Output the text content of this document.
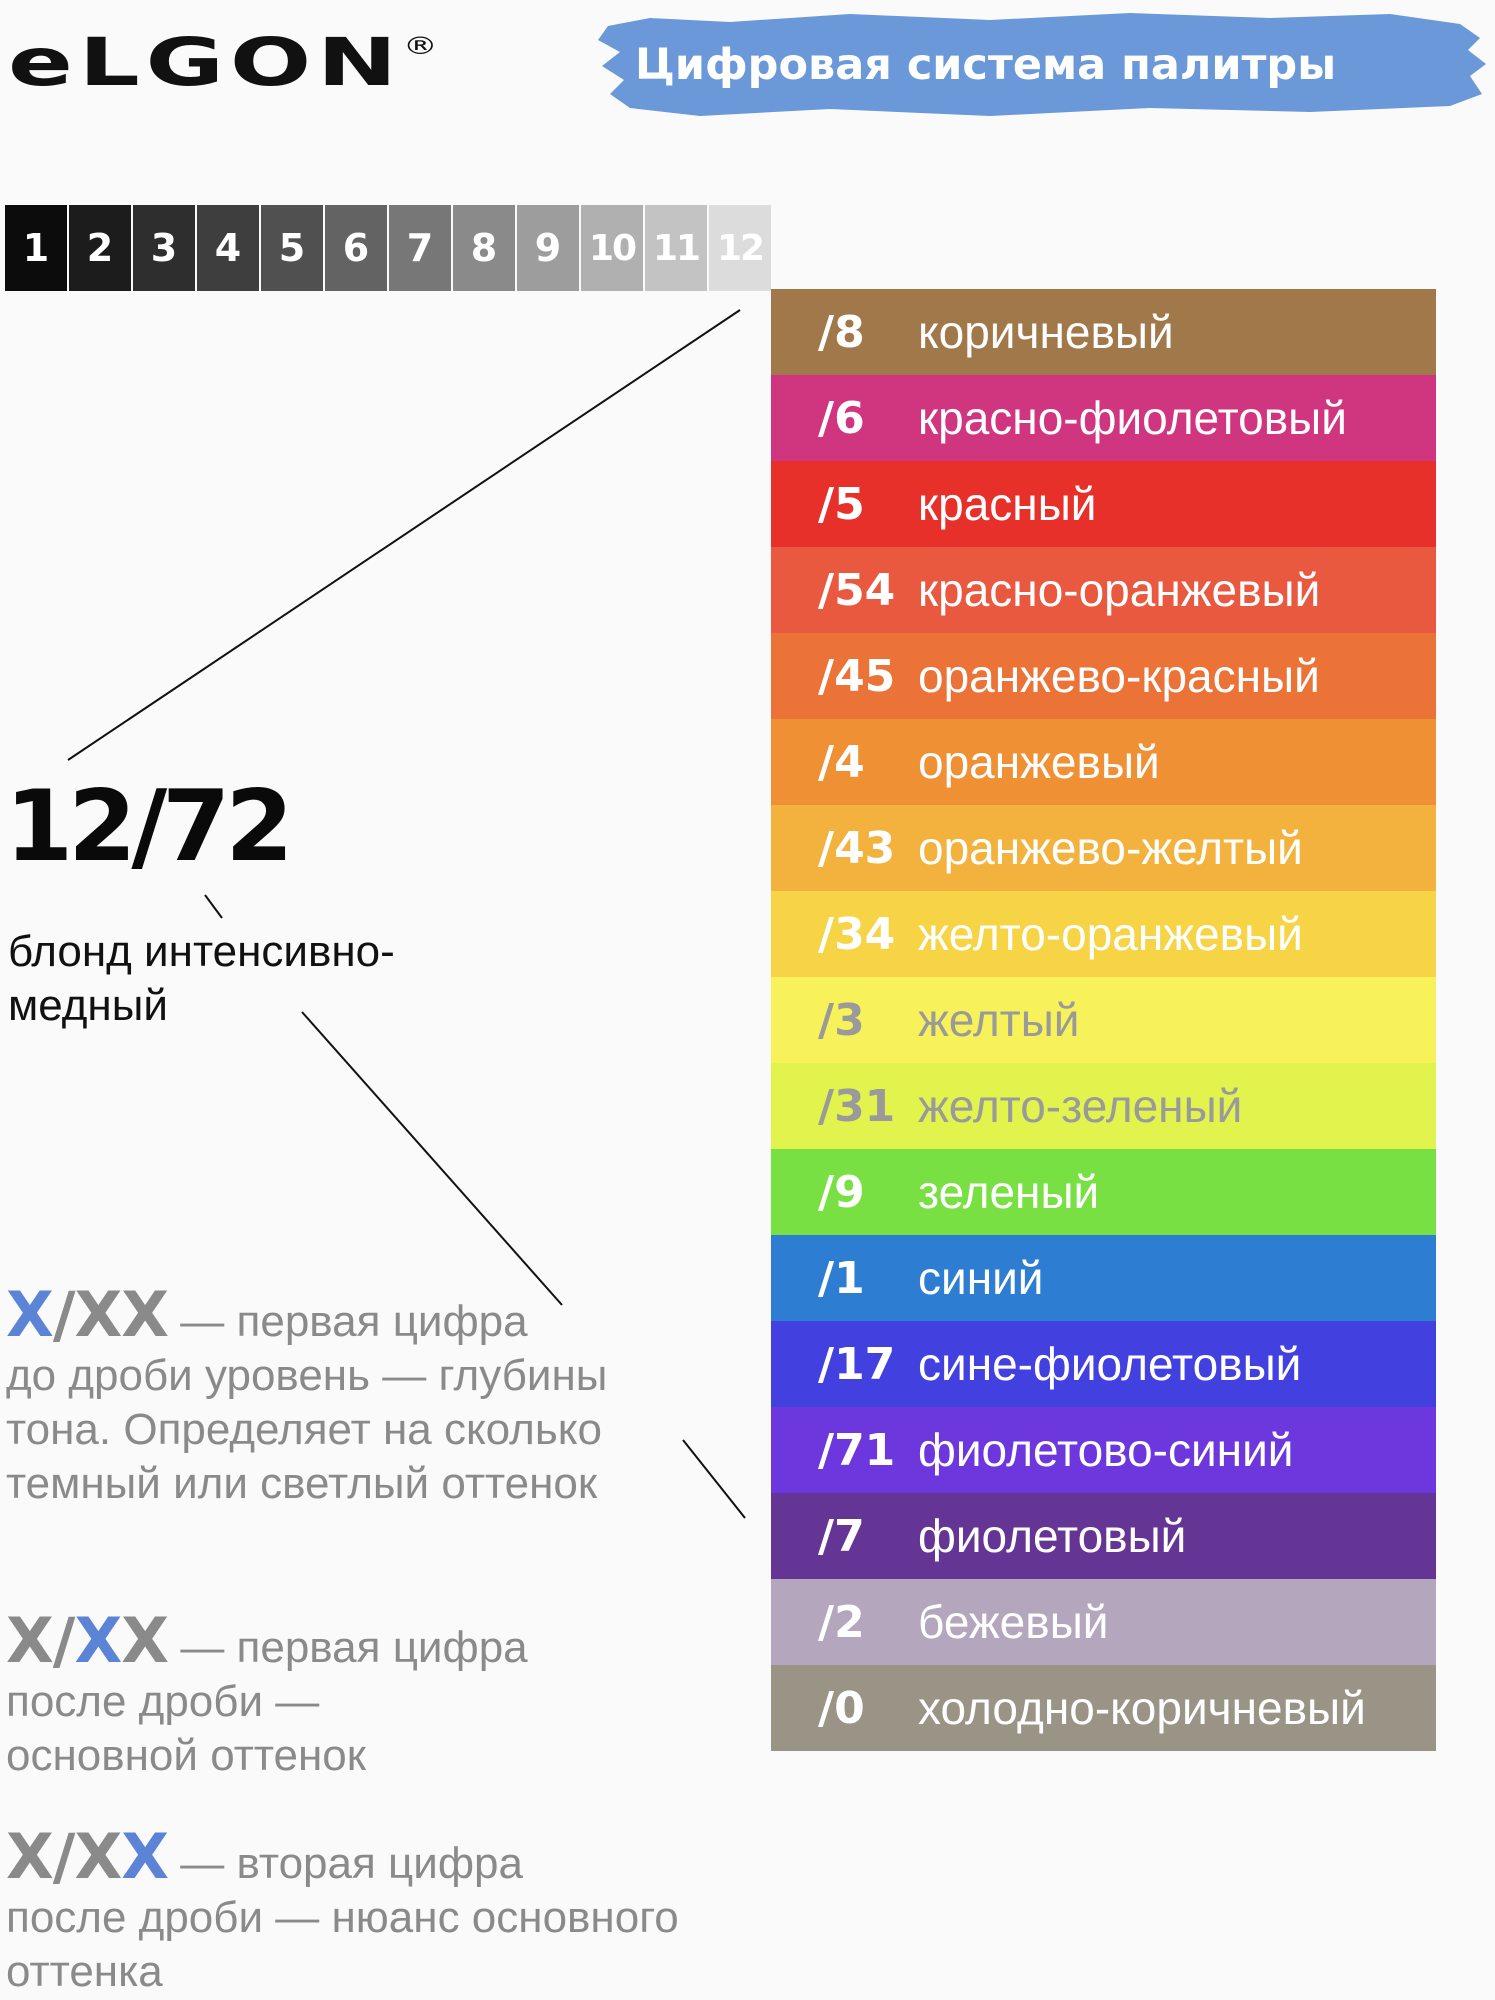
eLGON®	Цифровая система палитры
1 2 3 4 5 6 7 8 9 10 11 12
12/72
блонд интенсивно-медный
X/XX — первая цифра
до дроби уровень — глубины тона. Определяет на сколько темный или светлый оттенок
X/XX — первая цифра
после дроби — основной оттенок
X/XX — вторая цифра
после дроби — нюанс основного оттенка
/8	коричневый
/6	красно-фиолетовый
/5	красный
/54 красно-оранжевый
/45 оранжево-красный
/4	оранжевый
/43 оранжево-желтый
/34 желто-оранжевый
/3	желтый
/31 желто-зеленый
/9	зеленый
/1	синий
/17 сине-фиолетовый
/71 фиолетово-синий
/7	фиолетовый
/2	бежевый
/0	холодно-коричневый
